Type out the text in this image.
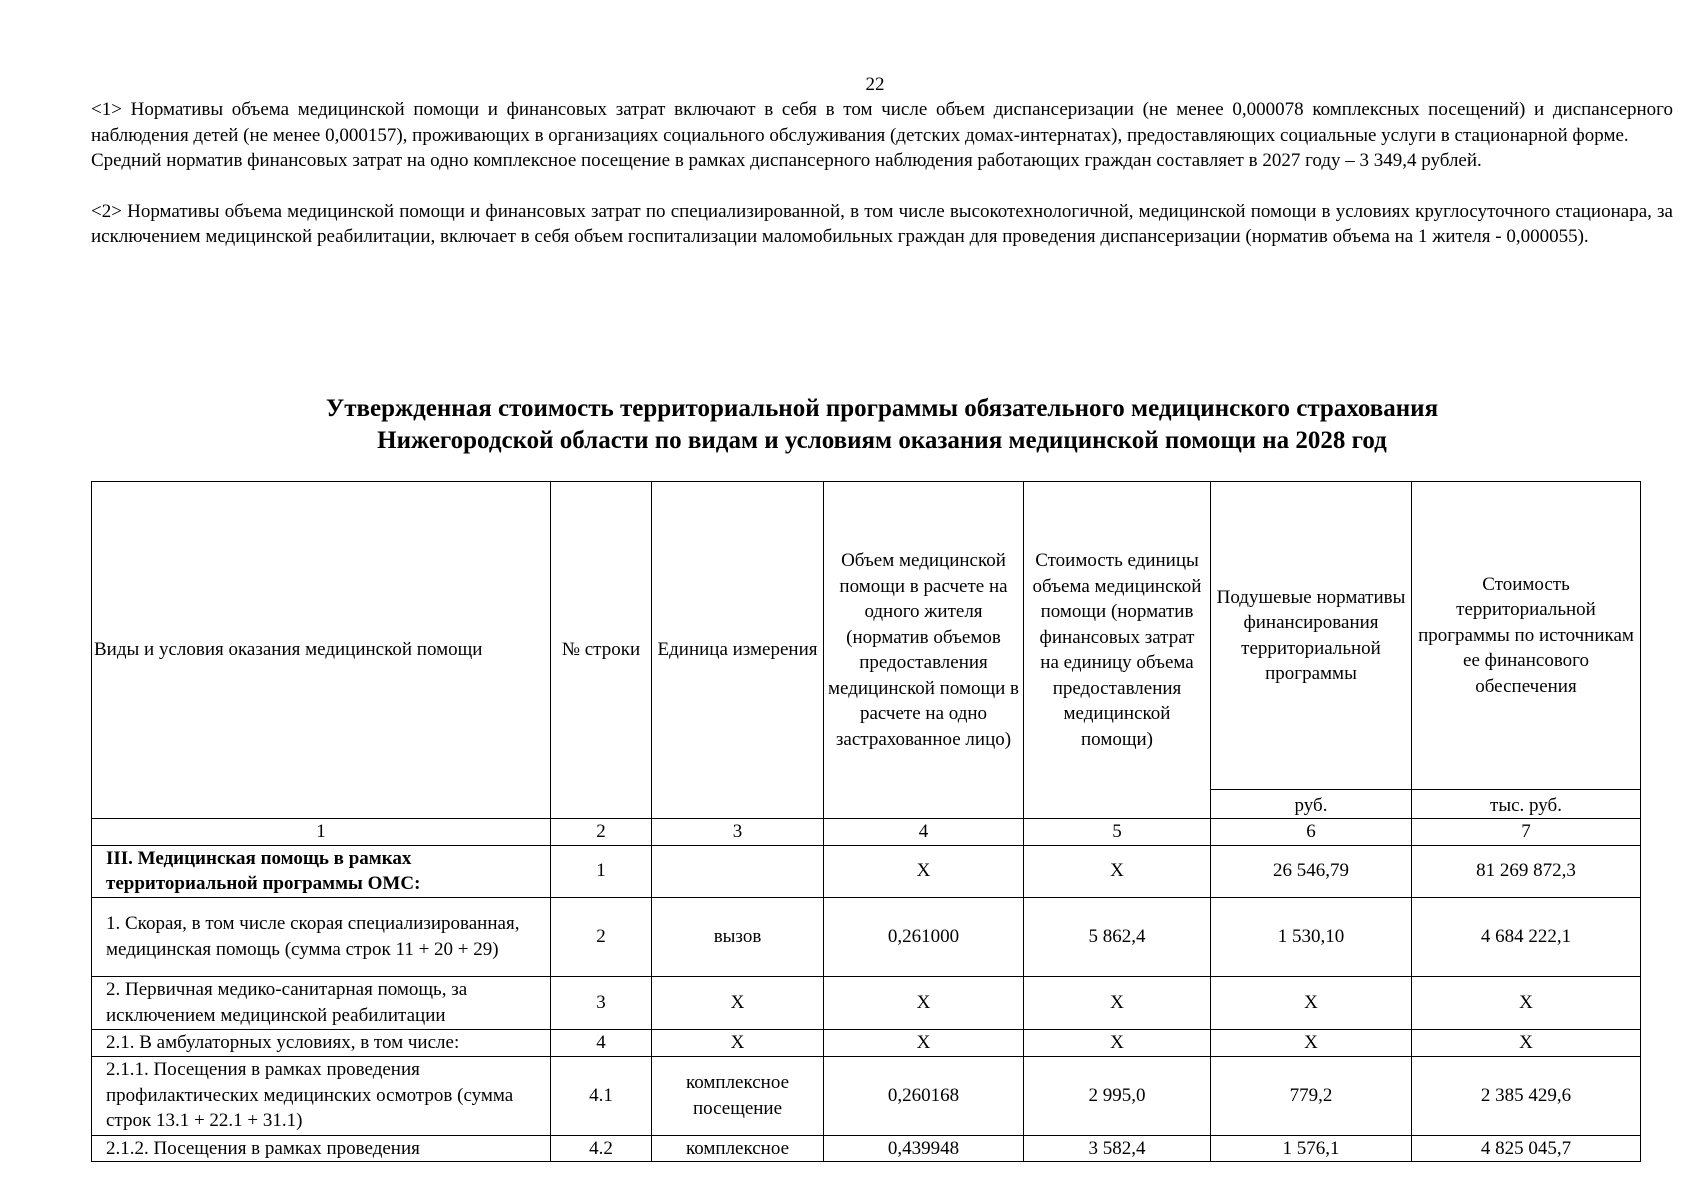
22

<1> Нормативы объема медицинской помощи и финансовых затрат включают в себя в том числе объем диспансеризации (не менее 0,000078 комплексных посещений) и диспансерного наблюдения детей (не менее 0,000157), проживающих в организациях социального обслуживания (детских домах-интернатах), предоставляющих социальные услуги в стационарной форме.

Средний норматив финансовых затрат на одно комплексное посещение в рамках диспансерного наблюдения работающих граждан составляет в 2027 году – 3 349,4 рублей.

<2> Нормативы объема медицинской помощи и финансовых затрат по специализированной, в том числе высокотехнологичной, медицинской помощи в условиях круглосуточного стационара, за исключением медицинской реабилитации, включает в себя объем госпитализации маломобильных граждан для проведения диспансеризации (норматив объема на 1 жителя - 0,000055).

Утвержденная стоимость территориальной программы обязательного медицинского страхования
Нижегородской области по видам и условиям оказания медицинской помощи на 2028 год
Виды и условия оказания медицинской помощи	№ строки	Единица измерения	Объем медицинской помощи в расчете на одного жителя (норматив объемов предоставления медицинской помощи в расчете на одно застрахованное лицо)	Стоимость единицы объема медицинской помощи (норматив финансовых затрат на единицу объема предоставления медицинской помощи)	Подушевые нормативы финансирования территориальной программы	Стоимость территориальной программы по источникам ее финансового обеспечения
					руб.	тыс. руб.
1	2	3	4	5	6	7
III. Медицинская помощь в рамках территориальной программы ОМС:	1		Х	Х	26 546,79	81 269 872,3
1. Скорая, в том числе скорая специализированная, медицинская помощь (сумма строк 11 + 20 + 29)	2	вызов	0,261000	5 862,4	1 530,10	4 684 222,1
2. Первичная медико-санитарная помощь, за исключением медицинской реабилитации	3	Х	Х	Х	Х	Х
2.1. В амбулаторных условиях, в том числе:	4	Х	Х	Х	Х	Х
2.1.1. Посещения в рамках проведения профилактических медицинских осмотров (сумма строк 13.1 + 22.1 + 31.1)	4.1	комплексное посещение	0,260168	2 995,0	779,2	2 385 429,6
2.1.2. Посещения в рамках проведения	4.2	комплексное	0,439948	3 582,4	1 576,1	4 825 045,7
